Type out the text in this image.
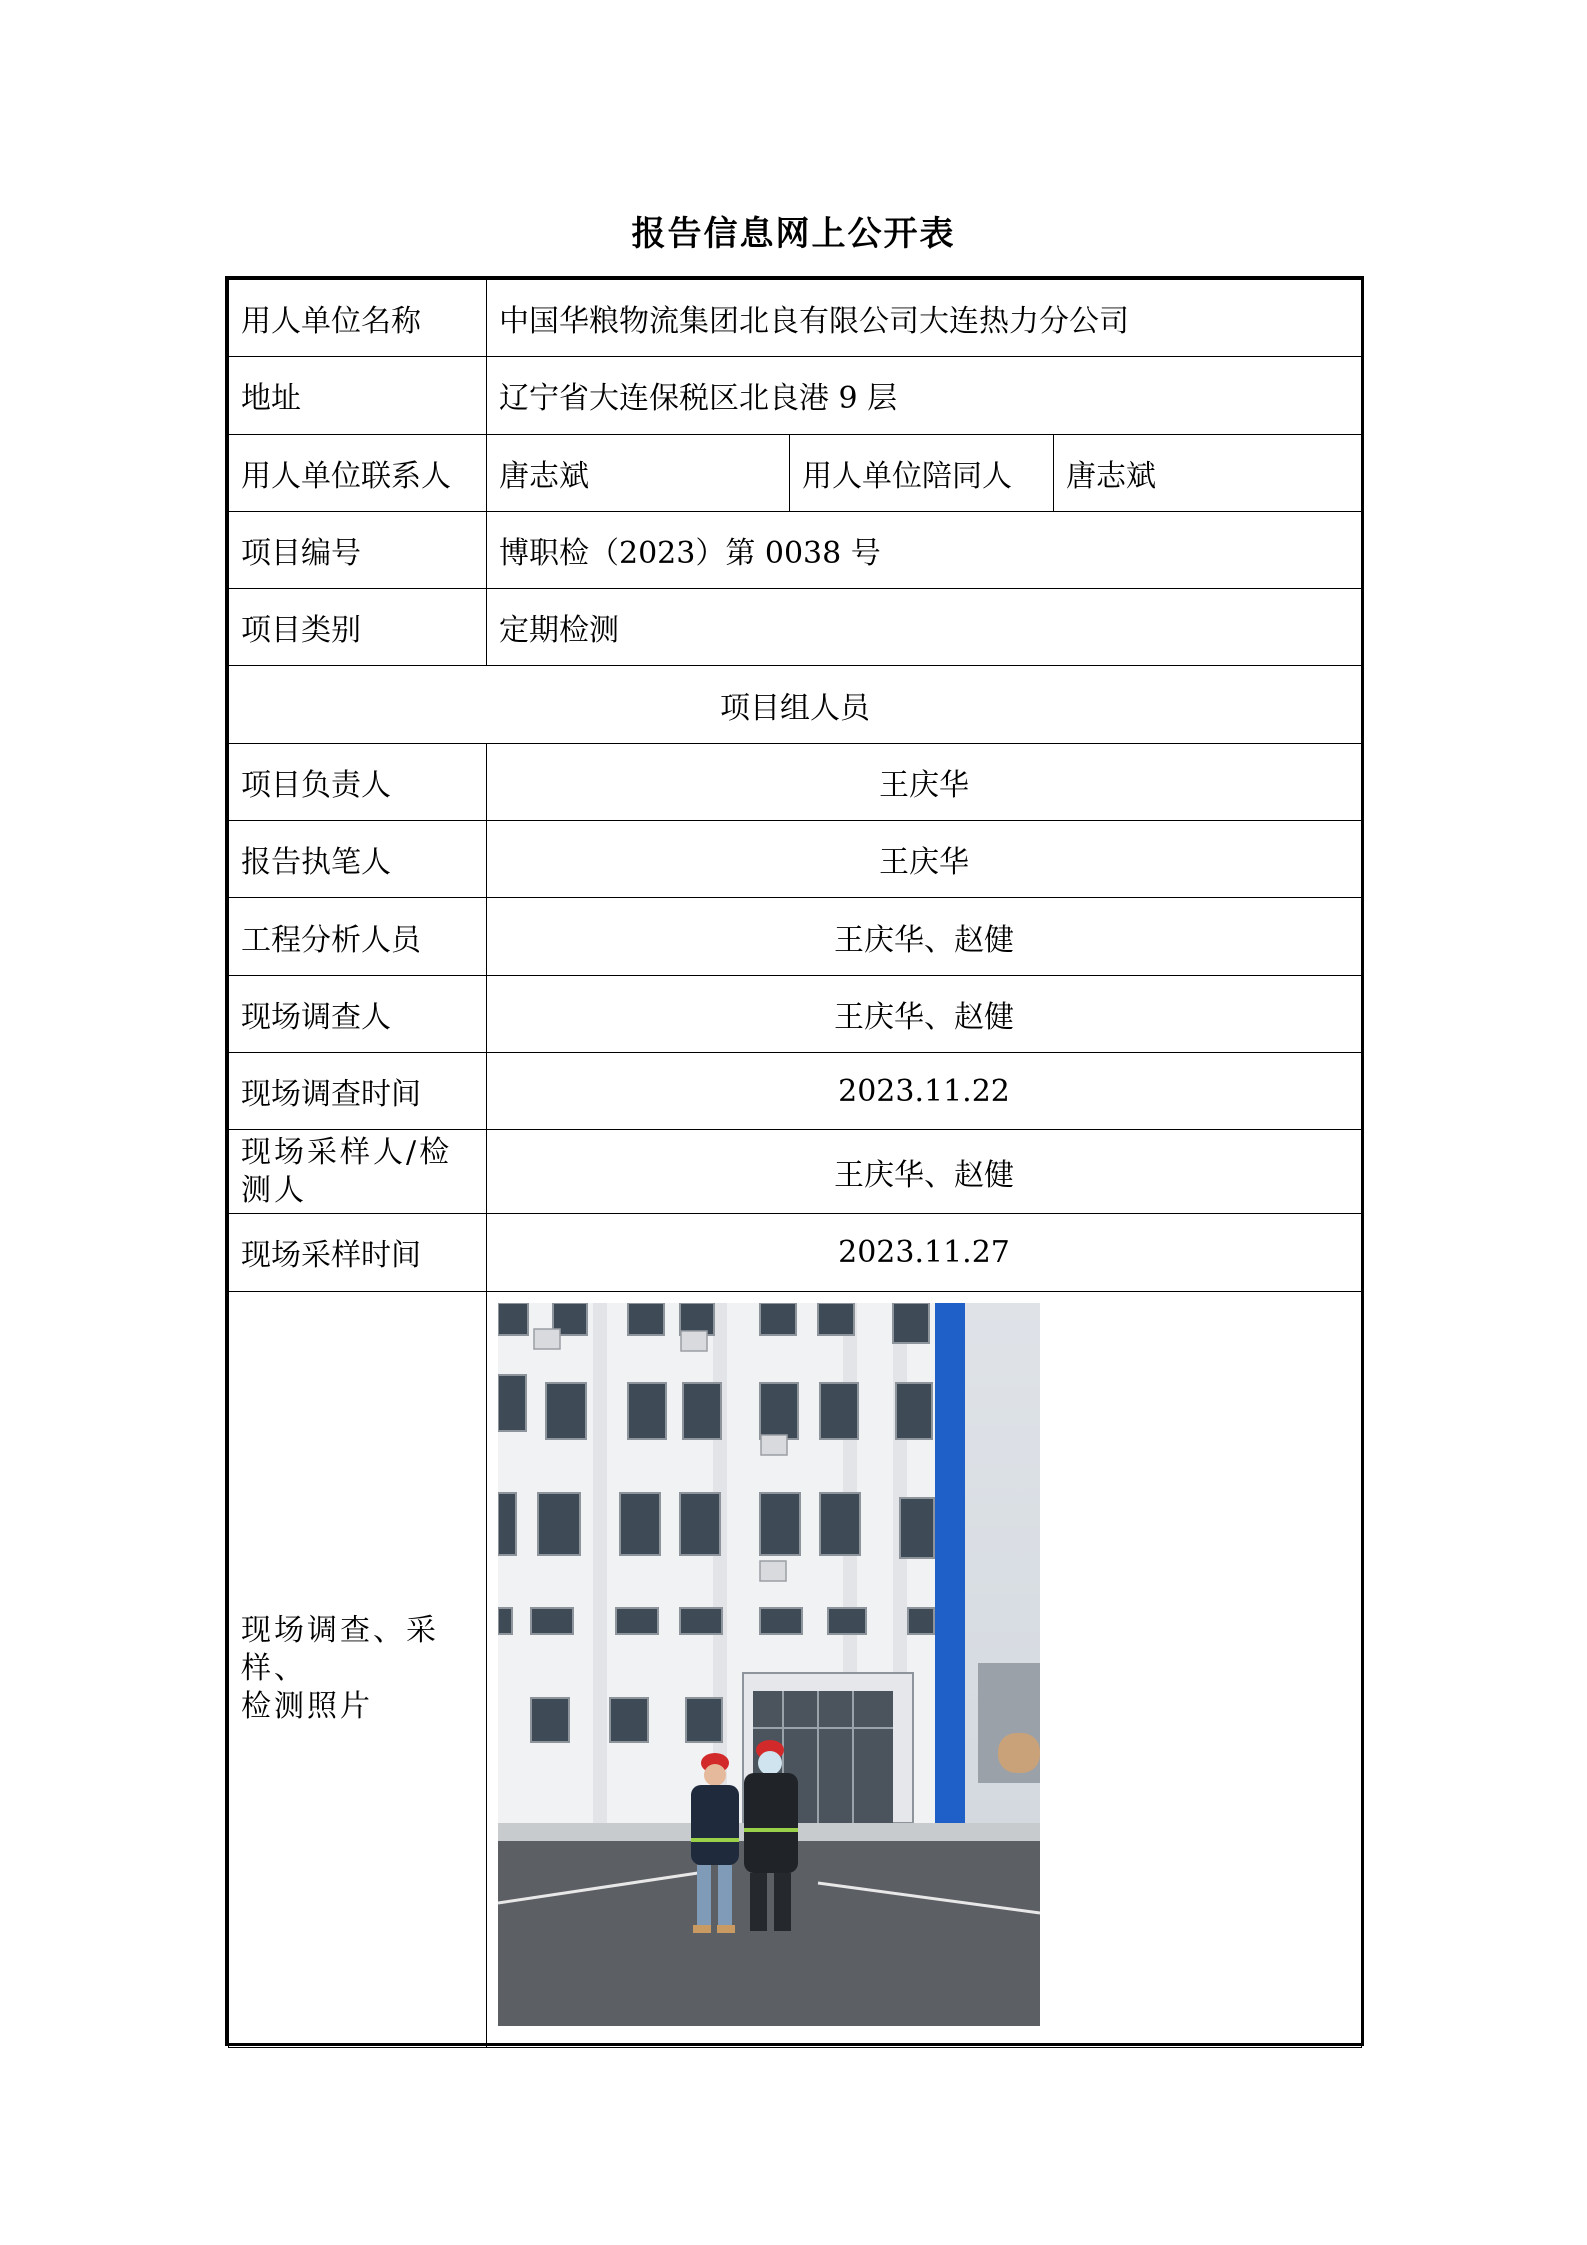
报告信息网上公开表
用人单位名称	中国华粮物流集团北良有限公司大连热力分公司		
地址	辽宁省大连保税区北良港 9 层		
用人单位联系人	唐志斌	用人单位陪同人	唐志斌
项目编号	博职检（2023）第 0038 号		
项目类别	定期检测		
项目组人员			
项目负责人	王庆华		
报告执笔人	王庆华		
工程分析人员	王庆华、赵健		
现场调查人	王庆华、赵健		
现场调查时间	2023.11.22		

现场采样人/检
测人	王庆华、赵健		
现场采样时间	2023.11.27		

现场调查、采样、
检测照片			
